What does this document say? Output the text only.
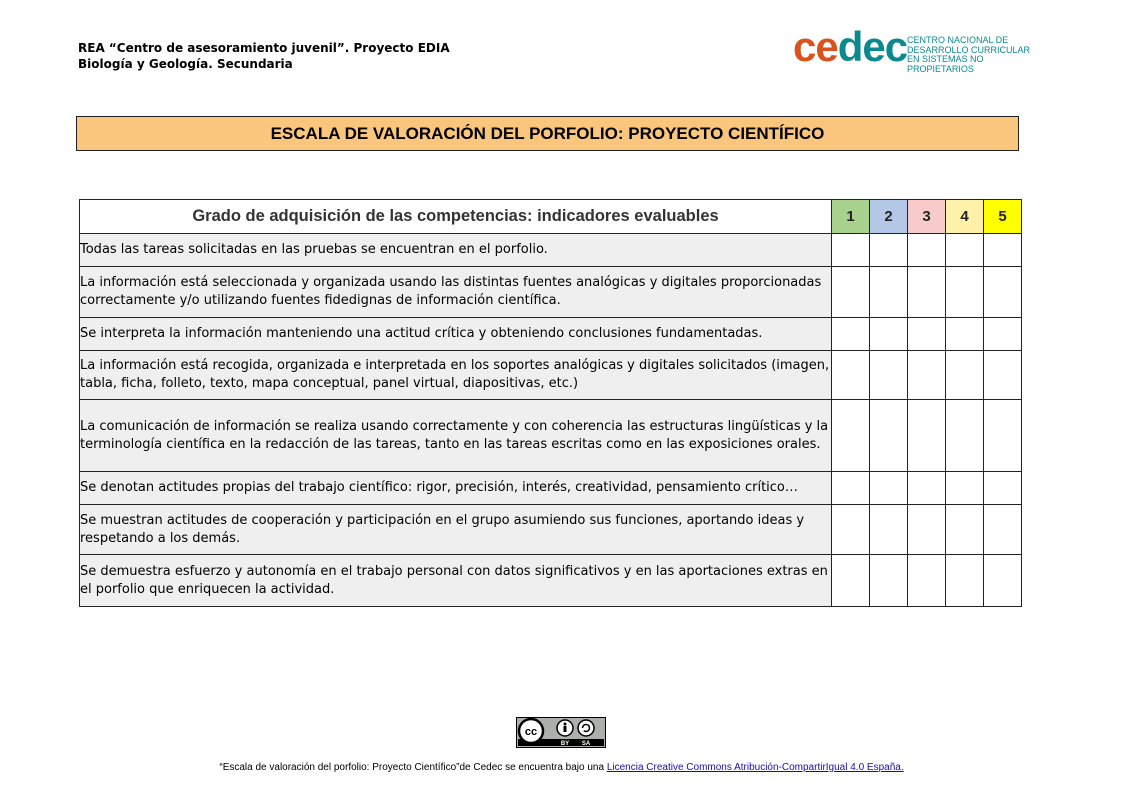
REA “Centro de asesoramiento juvenil”. Proyecto EDIA
Biología y Geología. Secundaria	cedec CENTRO NACIONAL DE
DESARROLLO CURRICULAR
EN SISTEMAS NO PROPIETARIOS
ESCALA DE VALORACIÓN DEL PORFOLIO: PROYECTO CIENTÍFICO
Grado de adquisición de las competencias: indicadores evaluables	1	2	3	4	5
Todas las tareas solicitadas en las pruebas se encuentran en el porfolio.					
La información está seleccionada y organizada usando las distintas fuentes analógicas y digitales proporcionadas correctamente y/o utilizando fuentes fidedignas de información científica.					
Se interpreta la información manteniendo una actitud crítica y obteniendo conclusiones fundamentadas.					
La información está recogida, organizada e interpretada en los soportes analógicas y digitales solicitados (imagen, tabla, ficha, folleto, texto, mapa conceptual, panel virtual, diapositivas, etc.)					
La comunicación de información se realiza usando correctamente y con coherencia las estructuras lingüísticas y la terminología científica en la redacción de las tareas, tanto en las tareas escritas como en las exposiciones orales.					
Se denotan actitudes propias del trabajo científico: rigor, precisión, interés, creatividad, pensamiento crítico…					
Se muestran actitudes de cooperación y participación en el grupo asumiendo sus funciones, aportando ideas y respetando a los demás.					
Se demuestra esfuerzo y autonomía en el trabajo personal con datos significativos y en las aportaciones extras en el porfolio que enriquecen la actividad.					
cc
BY SA
“Escala de valoración del porfolio: Proyecto Científico”de Cedec se encuentra bajo una Licencia Creative Commons Atribución-CompartirIgual 4.0 España.
